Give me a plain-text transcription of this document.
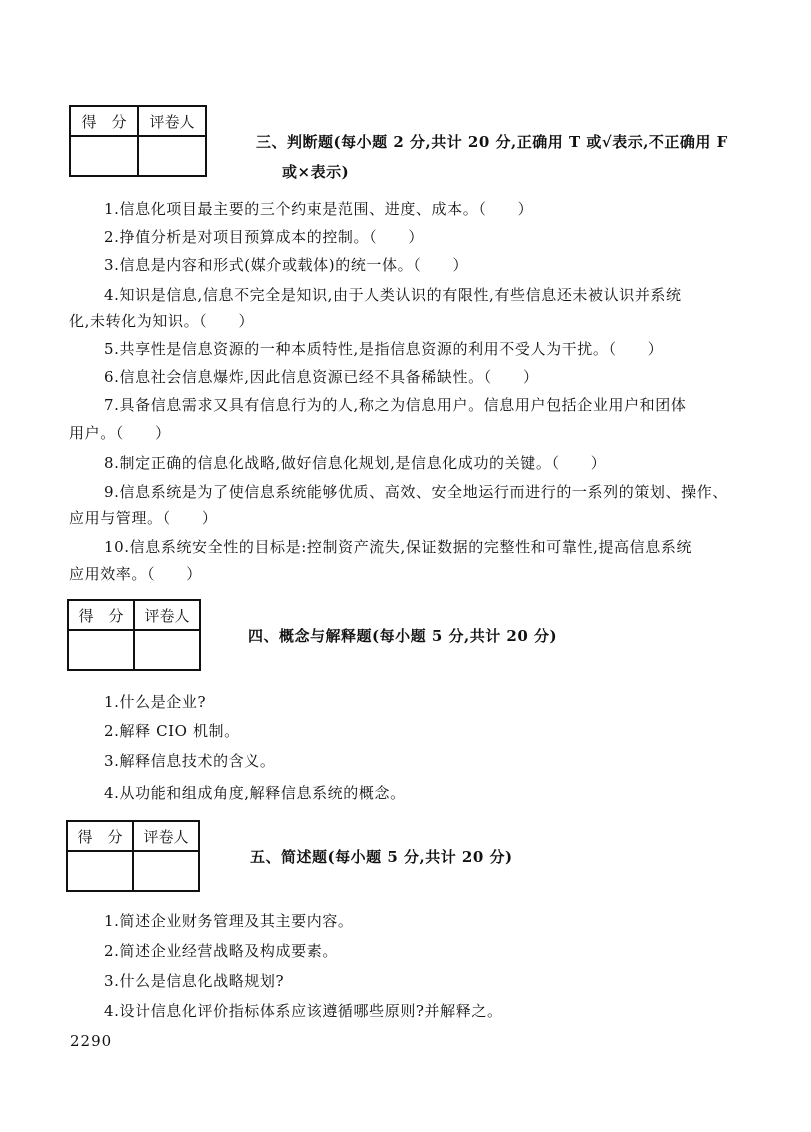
得　分	评卷人

三、判断题(每小题 2 分,共计 20 分,正确用 T 或√表示,不正确用 F
或×表示)
1.信息化项目最主要的三个约束是范围、进度、成本。（　　）
2.挣值分析是对项目预算成本的控制。（　　）
3.信息是内容和形式(媒介或载体)的统一体。（　　）
4.知识是信息,信息不完全是知识,由于人类认识的有限性,有些信息还未被认识并系统
化,未转化为知识。（　　）
5.共享性是信息资源的一种本质特性,是指信息资源的利用不受人为干扰。（　　）
6.信息社会信息爆炸,因此信息资源已经不具备稀缺性。（　　）
7.具备信息需求又具有信息行为的人,称之为信息用户。信息用户包括企业用户和团体
用户。（　　）
8.制定正确的信息化战略,做好信息化规划,是信息化成功的关键。（　　）
9.信息系统是为了使信息系统能够优质、高效、安全地运行而进行的一系列的策划、操作、
应用与管理。（　　）
10.信息系统安全性的目标是:控制资产流失,保证数据的完整性和可靠性,提高信息系统
应用效率。（　　）
得　分	评卷人

四、概念与解释题(每小题 5 分,共计 20 分)
1.什么是企业?
2.解释 CIO 机制。
3.解释信息技术的含义。
4.从功能和组成角度,解释信息系统的概念。
得　分	评卷人

五、简述题(每小题 5 分,共计 20 分)
1.简述企业财务管理及其主要内容。
2.简述企业经营战略及构成要素。
3.什么是信息化战略规划?
4.设计信息化评价指标体系应该遵循哪些原则?并解释之。
2290
